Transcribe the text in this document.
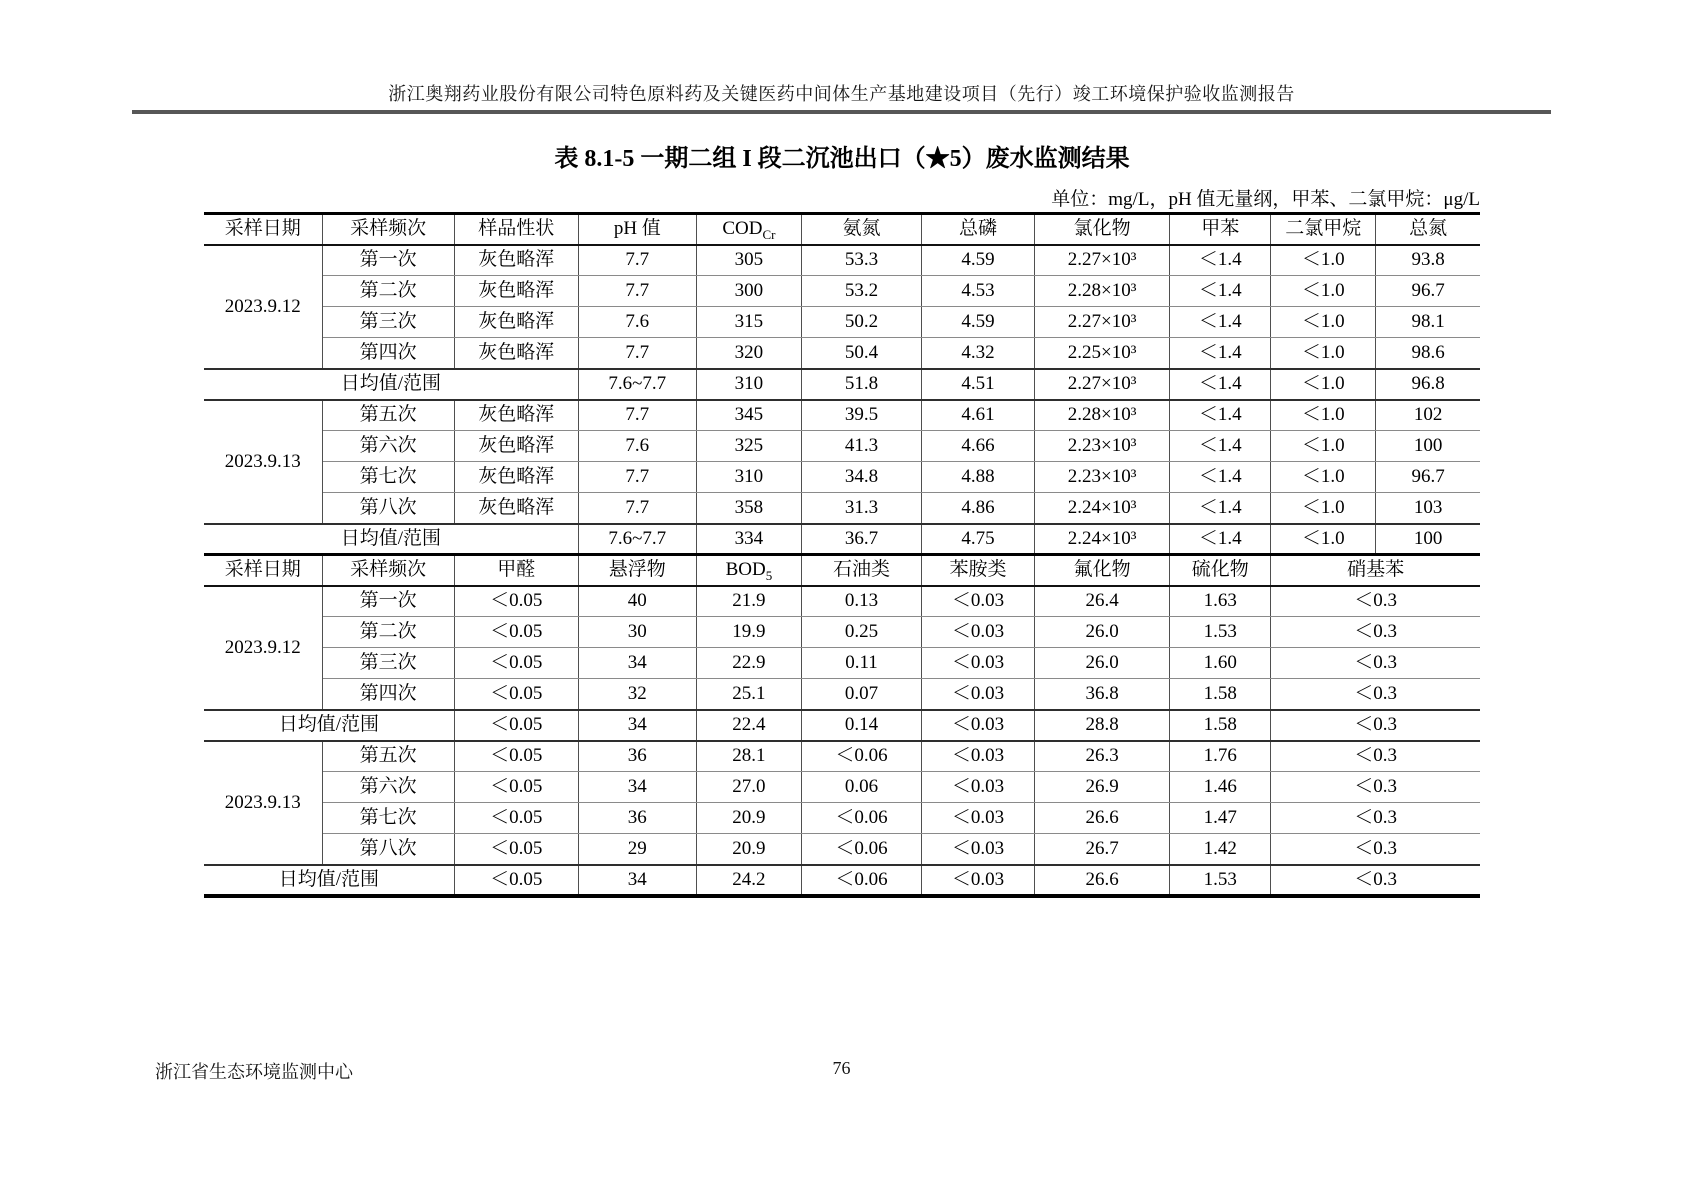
浙江奥翔药业股份有限公司特色原料药及关键医药中间体生产基地建设项目（先行）竣工环境保护验收监测报告
表 8.1-5 一期二组 I 段二沉池出口（★5）废水监测结果
单位：mg/L，pH 值无量纲，甲苯、二氯甲烷：μg/L
采样日期	采样频次	样品性状	pH 值	$COD_{Cr}$	氨氮	总磷	氯化物	甲苯	二氯甲烷	总氮
2023.9.12	第一次	灰色略浑	7.7	305	53.3	4.59	2.27×10³	＜1.4	＜1.0	93.8
	第二次	灰色略浑	7.7	300	53.2	4.53	2.28×10³	＜1.4	＜1.0	96.7
	第三次	灰色略浑	7.6	315	50.2	4.59	2.27×10³	＜1.4	＜1.0	98.1
	第四次	灰色略浑	7.7	320	50.4	4.32	2.25×10³	＜1.4	＜1.0	98.6
日均值/范围			7.6~7.7	310	51.8	4.51	2.27×10³	＜1.4	＜1.0	96.8
2023.9.13	第五次	灰色略浑	7.7	345	39.5	4.61	2.28×10³	＜1.4	＜1.0	102
	第六次	灰色略浑	7.6	325	41.3	4.66	2.23×10³	＜1.4	＜1.0	100
	第七次	灰色略浑	7.7	310	34.8	4.88	2.23×10³	＜1.4	＜1.0	96.7
	第八次	灰色略浑	7.7	358	31.3	4.86	2.24×10³	＜1.4	＜1.0	103
日均值/范围			7.6~7.7	334	36.7	4.75	2.24×10³	＜1.4	＜1.0	100
采样日期	采样频次	甲醛	悬浮物	$BOD_5$	石油类	苯胺类	氟化物	硫化物	硝基苯	
2023.9.12	第一次	＜0.05	40	21.9	0.13	＜0.03	26.4	1.63	＜0.3	
	第二次	＜0.05	30	19.9	0.25	＜0.03	26.0	1.53	＜0.3	
	第三次	＜0.05	34	22.9	0.11	＜0.03	26.0	1.60	＜0.3	
	第四次	＜0.05	32	25.1	0.07	＜0.03	36.8	1.58	＜0.3	
日均值/范围		＜0.05	34	22.4	0.14	＜0.03	28.8	1.58	＜0.3	
2023.9.13	第五次	＜0.05	36	28.1	＜0.06	＜0.03	26.3	1.76	＜0.3	
	第六次	＜0.05	34	27.0	0.06	＜0.03	26.9	1.46	＜0.3	
	第七次	＜0.05	36	20.9	＜0.06	＜0.03	26.6	1.47	＜0.3	
	第八次	＜0.05	29	20.9	＜0.06	＜0.03	26.7	1.42	＜0.3	
日均值/范围		＜0.05	34	24.2	＜0.06	＜0.03	26.6	1.53	＜0.3	
浙江省生态环境监测中心	76
